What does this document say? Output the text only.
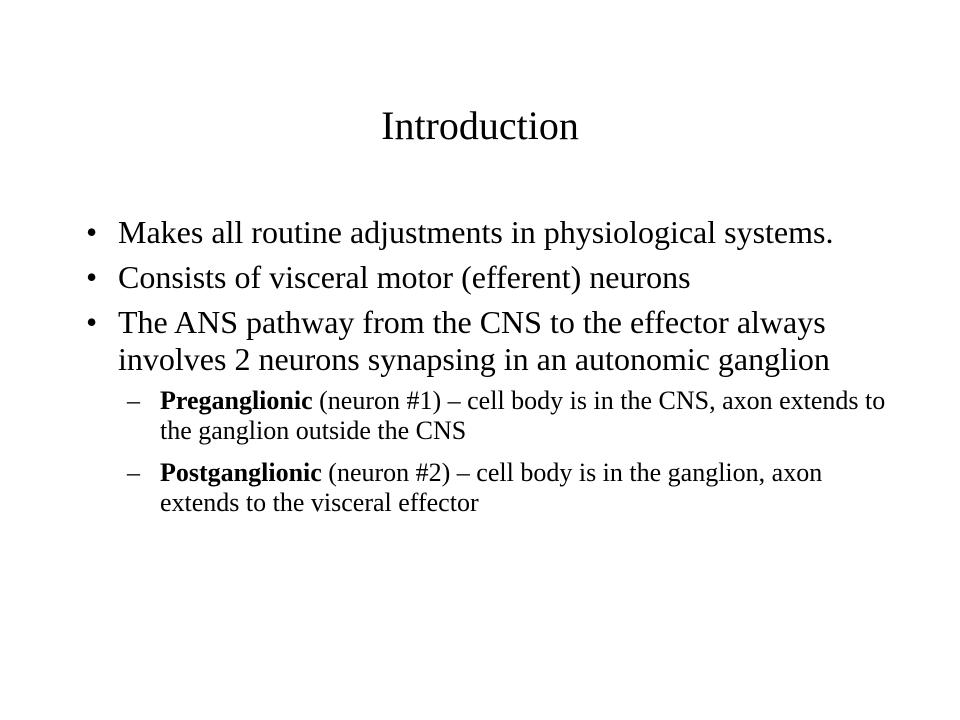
Introduction
• Makes all routine adjustments in physiological systems.
• Consists of visceral motor (efferent) neurons
• The ANS pathway from the CNS to the effector always involves 2 neurons synapsing in an autonomic ganglion
– Preganglionic (neuron #1) – cell body is in the CNS, axon extends to the ganglion outside the CNS
– Postganglionic (neuron #2) – cell body is in the ganglion, axon extends to the visceral effector
